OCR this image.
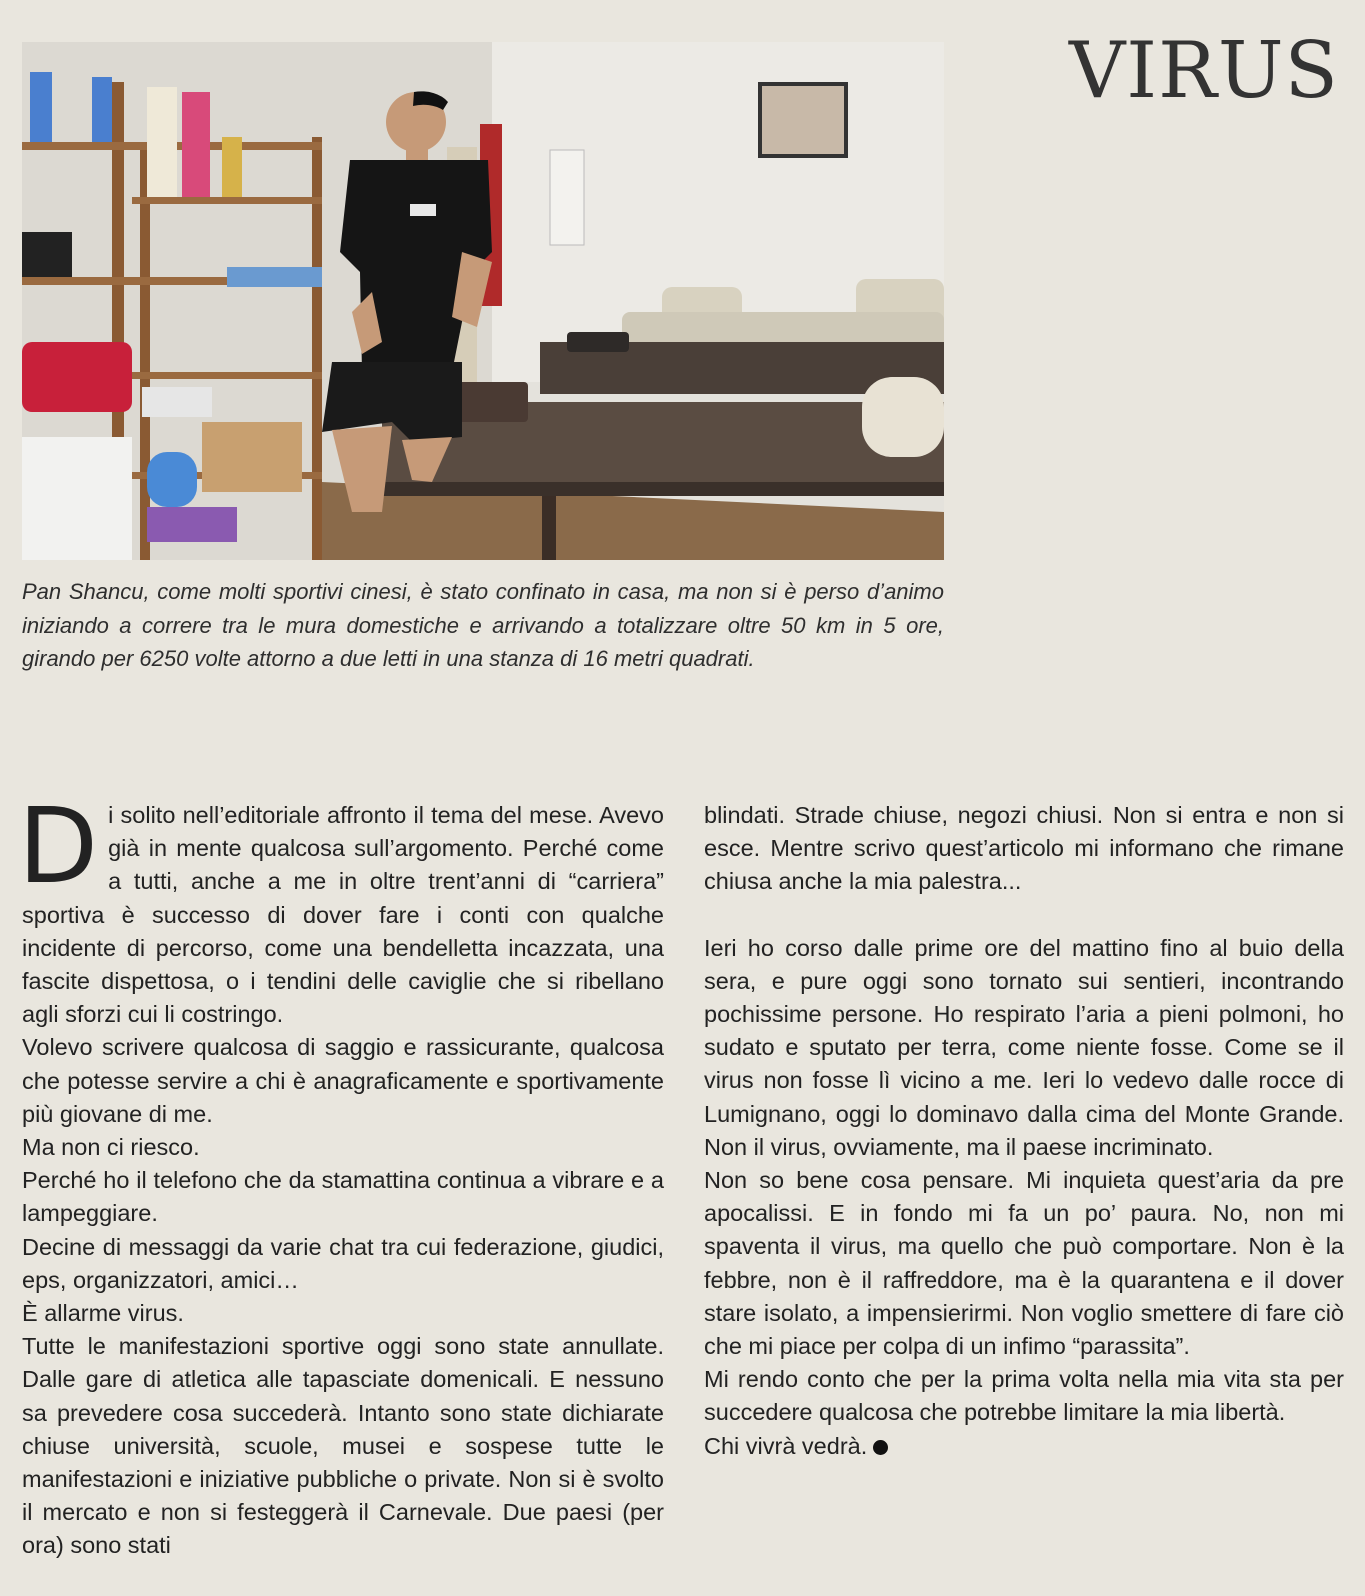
VIRUS
Pan Shancu, come molti sportivi cinesi, è stato confinato in casa, ma non si è perso d’animo iniziando a correre tra le mura domestiche e arrivando a totalizzare oltre 50 km in 5 ore, girando per 6250 volte attorno a due letti in una stanza di 16 metri quadrati.

Di solito nell’editoriale affronto il tema del mese. Avevo già in mente qualcosa sull’argomento. Perché come a tutti, anche a me in oltre trent’anni di “carriera” sportiva è successo di dover fare i conti con qualche incidente di percorso, come una bendelletta incazzata, una fascite dispettosa, o i tendini delle caviglie che si ribellano agli sforzi cui li costringo.

Volevo scrivere qualcosa di saggio e rassicurante, qualcosa che potesse servire a chi è anagraficamente e sportivamente più giovane di me.

Ma non ci riesco.

Perché ho il telefono che da stamattina continua a vibrare e a lampeggiare.

Decine di messaggi da varie chat tra cui federazione, giudici, eps, organizzatori, amici…

È allarme virus.

Tutte le manifestazioni sportive oggi sono state annullate. Dalle gare di atletica alle tapasciate domenicali. E nessuno sa prevedere cosa succederà. Intanto sono state dichiarate chiuse università, scuole, musei e sospese tutte le manifestazioni e iniziative pubbliche o private. Non si è svolto il mercato e non si festeggerà il Carnevale. Due paesi (per ora) sono stati

blindati. Strade chiuse, negozi chiusi. Non si entra e non si esce. Mentre scrivo quest’articolo mi informano che rimane chiusa anche la mia palestra...

Ieri ho corso dalle prime ore del mattino fino al buio della sera, e pure oggi sono tornato sui sentieri, incontrando pochissime persone. Ho respirato l’aria a pieni polmoni, ho sudato e sputato per terra, come niente fosse. Come se il virus non fosse lì vicino a me. Ieri lo vedevo dalle rocce di Lumignano, oggi lo dominavo dalla cima del Monte Grande. Non il virus, ovviamente, ma il paese incriminato.

Non so bene cosa pensare. Mi inquieta quest’aria da pre apocalissi. E in fondo mi fa un po’ paura. No, non mi spaventa il virus, ma quello che può comportare. Non è la febbre, non è il raffreddore, ma è la quarantena e il dover stare isolato, a impensierirmi. Non voglio smettere di fare ciò che mi piace per colpa di un infimo “parassita”.

Mi rendo conto che per la prima volta nella mia vita sta per succedere qualcosa che potrebbe limitare la mia libertà.

Chi vivrà vedrà.
